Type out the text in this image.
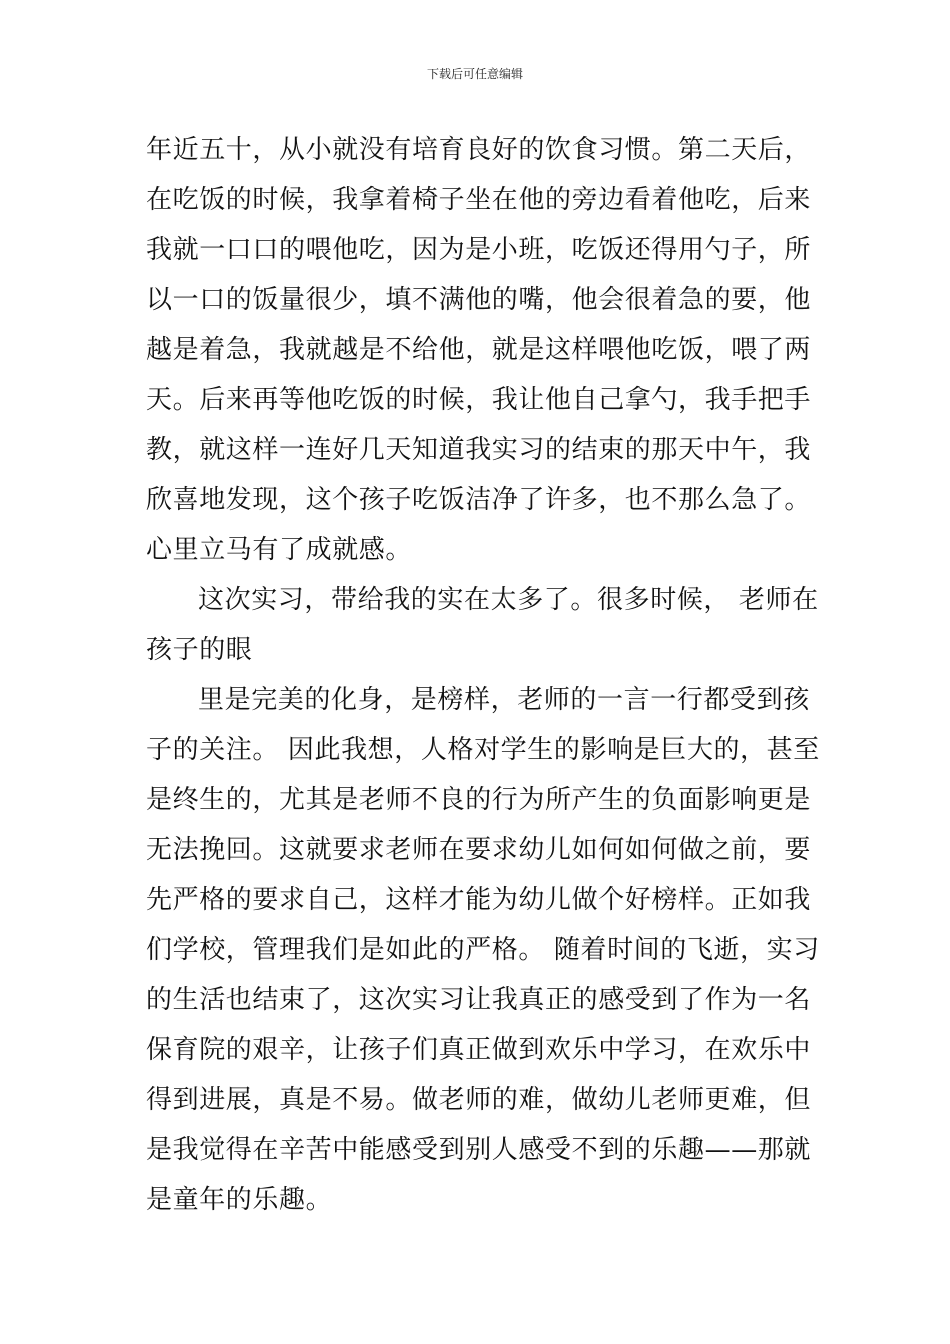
下载后可任意编辑
年近五十，从小就没有培育良好的饮食习惯。第二天后，
在吃饭的时候，我拿着椅子坐在他的旁边看着他吃，后来
我就一口口的喂他吃，因为是小班，吃饭还得用勺子，所
以一口的饭量很少，填不满他的嘴，他会很着急的要，他
越是着急，我就越是不给他，就是这样喂他吃饭，喂了两
天。后来再等他吃饭的时候，我让他自己拿勺，我手把手
教，就这样一连好几天知道我实习的结束的那天中午，我
欣喜地发现，这个孩子吃饭洁净了许多，也不那么急了。
心里立马有了成就感。
这次实习，带给我的实在太多了。很多时候， 老师在
孩子的眼
里是完美的化身，是榜样，老师的一言一行都受到孩
子的关注。 因此我想，人格对学生的影响是巨大的，甚至
是终生的，尤其是老师不良的行为所产生的负面影响更是
无法挽回。这就要求老师在要求幼儿如何如何做之前，要
先严格的要求自己，这样才能为幼儿做个好榜样。正如我
们学校，管理我们是如此的严格。 随着时间的飞逝，实习
的生活也结束了，这次实习让我真正的感受到了作为一名
保育院的艰辛，让孩子们真正做到欢乐中学习，在欢乐中
得到进展，真是不易。做老师的难，做幼儿老师更难，但
是我觉得在辛苦中能感受到别人感受不到的乐趣——那就
是童年的乐趣。
